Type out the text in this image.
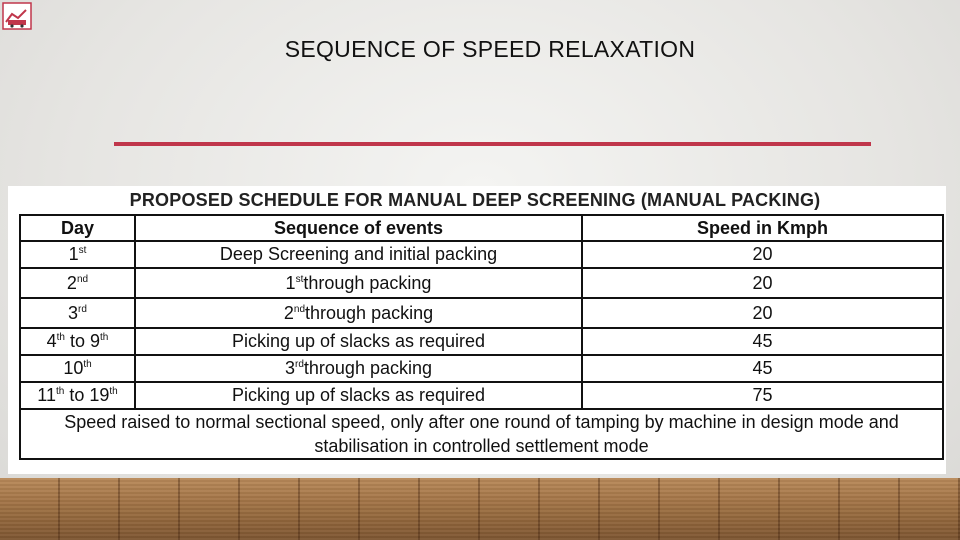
SEQUENCE OF SPEED RELAXATION
PROPOSED SCHEDULE FOR MANUAL DEEP SCREENING (MANUAL PACKING)
Day	Sequence of events	Speed in Kmph
1st	Deep Screening and initial packing	20
2nd	1stthrough packing	20
3rd	2ndthrough packing	20
4th to 9th	Picking up of slacks as required	45
10th	3rdthrough packing	45
11th to 19th	Picking up of slacks as required	75
Speed raised to normal sectional speed, only after one round of tamping by machine in design mode and stabilisation in controlled settlement mode		
